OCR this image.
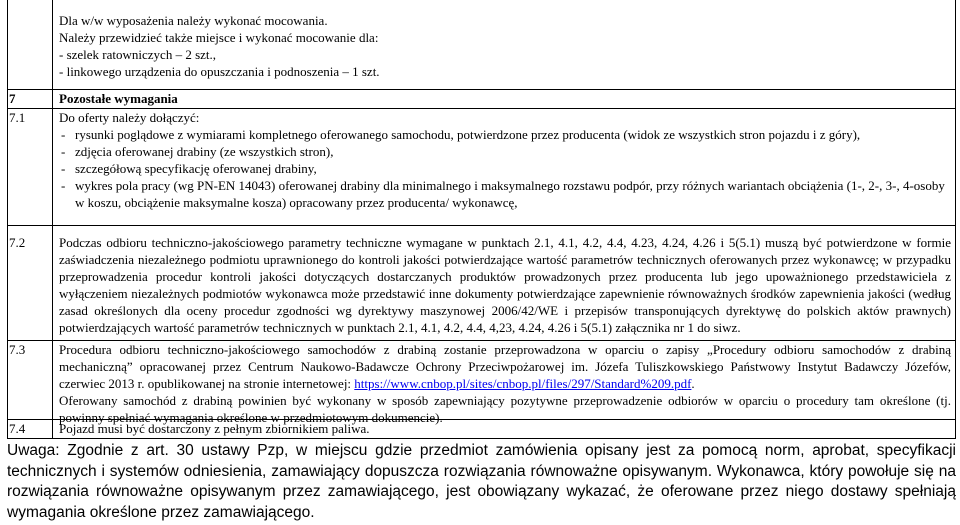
Dla w/w wyposażenia należy wykonać mocowania.
Należy przewidzieć także miejsce i wykonać mocowanie dla:
- szelek ratowniczych – 2 szt.,
- linkowego urządzenia do opuszczania i podnoszenia – 1 szt.
7	Pozostałe wymagania
7.1	Do oferty należy dołączyć:
- rysunki poglądowe z wymiarami kompletnego oferowanego samochodu, potwierdzone przez producenta (widok ze wszystkich stron pojazdu i z góry),
- zdjęcia oferowanej drabiny (ze wszystkich stron),
- szczegółową specyfikację oferowanej drabiny,
- wykres pola pracy (wg PN-EN 14043) oferowanej drabiny dla minimalnego i maksymalnego rozstawu podpór, przy różnych wariantach obciążenia (1-, 2-, 3-, 4-osoby w koszu, obciążenie maksymalne kosza) opracowany przez producenta/ wykonawcę,
7.2	Podczas odbioru techniczno-jakościowego parametry techniczne wymagane w punktach 2.1, 4.1, 4.2, 4.4, 4.23, 4.24, 4.26 i 5(5.1) muszą być potwierdzone w formie zaświadczenia niezależnego podmiotu uprawnionego do kontroli jakości potwierdzające wartość parametrów technicznych oferowanych przez wykonawcę; w przypadku przeprowadzenia procedur kontroli jakości dotyczących dostarczanych produktów prowadzonych przez producenta lub jego upoważnionego przedstawiciela z wyłączeniem niezależnych podmiotów wykonawca może przedstawić inne dokumenty potwierdzające zapewnienie równoważnych środków zapewnienia jakości (według zasad określonych dla oceny procedur zgodności wg dyrektywy maszynowej 2006/42/WE i przepisów transponujących dyrektywę do polskich aktów prawnych) potwierdzających wartość parametrów technicznych w punktach 2.1, 4.1, 4.2, 4.4, 4,23, 4.24, 4.26 i 5(5.1) załącznika nr 1 do siwz.
7.3	Procedura odbioru techniczno-jakościowego samochodów z drabiną zostanie przeprowadzona w oparciu o zapisy „Procedury odbioru samochodów z drabiną mechaniczną” opracowanej przez Centrum Naukowo-Badawcze Ochrony Przeciwpożarowej im. Józefa Tuliszkowskiego Państwowy Instytut Badawczy Józefów, czerwiec 2013 r. opublikowanej na stronie internetowej: https://www.cnbop.pl/sites/cnbop.pl/files/297/Standard%209.pdf.
Oferowany samochód z drabiną powinien być wykonany w sposób zapewniający pozytywne przeprowadzenie odbiorów w oparciu o procedury tam określone (tj. powinny spełniać wymagania określone w przedmiotowym dokumencie).
7.4	Pojazd musi być dostarczony z pełnym zbiornikiem paliwa.
Uwaga: Zgodnie z art. 30 ustawy Pzp, w miejscu gdzie przedmiot zamówienia opisany jest za pomocą norm, aprobat, specyfikacji technicznych i systemów odniesienia, zamawiający dopuszcza rozwiązania równoważne opisywanym. Wykonawca, który powołuje się na rozwiązania równoważne opisywanym przez zamawiającego, jest obowiązany wykazać, że oferowane przez niego dostawy spełniają wymagania określone przez zamawiającego.
